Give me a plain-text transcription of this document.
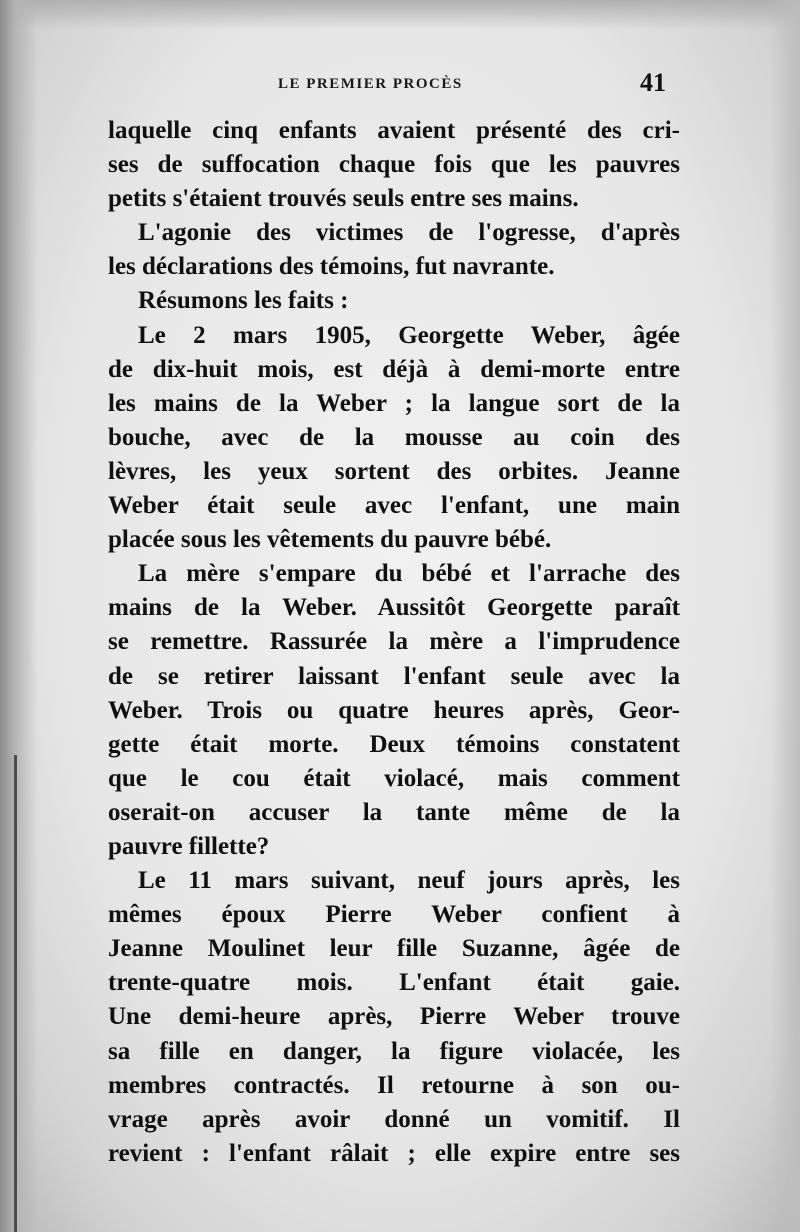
LE PREMIER PROCÈS	41
laquelle cinq enfants avaient présenté des cri-
ses de suffocation chaque fois que les pauvres
petits s'étaient trouvés seuls entre ses mains.
L'agonie des victimes de l'ogresse, d'après
les déclarations des témoins, fut navrante.
Résumons les faits :
Le 2 mars 1905, Georgette Weber, âgée
de dix-huit mois, est déjà à demi-morte entre
les mains de la Weber ; la langue sort de la
bouche, avec de la mousse au coin des
lèvres, les yeux sortent des orbites. Jeanne
Weber était seule avec l'enfant, une main
placée sous les vêtements du pauvre bébé.
La mère s'empare du bébé et l'arrache des
mains de la Weber. Aussitôt Georgette paraît
se remettre. Rassurée la mère a l'imprudence
de se retirer laissant l'enfant seule avec la
Weber. Trois ou quatre heures après, Geor-
gette était morte. Deux témoins constatent
que le cou était violacé, mais comment
oserait-on accuser la tante même de la
pauvre fillette?
Le 11 mars suivant, neuf jours après, les
mêmes époux Pierre Weber confient à
Jeanne Moulinet leur fille Suzanne, âgée de
trente-quatre mois. L'enfant était gaie.
Une demi-heure après, Pierre Weber trouve
sa fille en danger, la figure violacée, les
membres contractés. Il retourne à son ou-
vrage après avoir donné un vomitif. Il
revient : l'enfant râlait ; elle expire entre ses
